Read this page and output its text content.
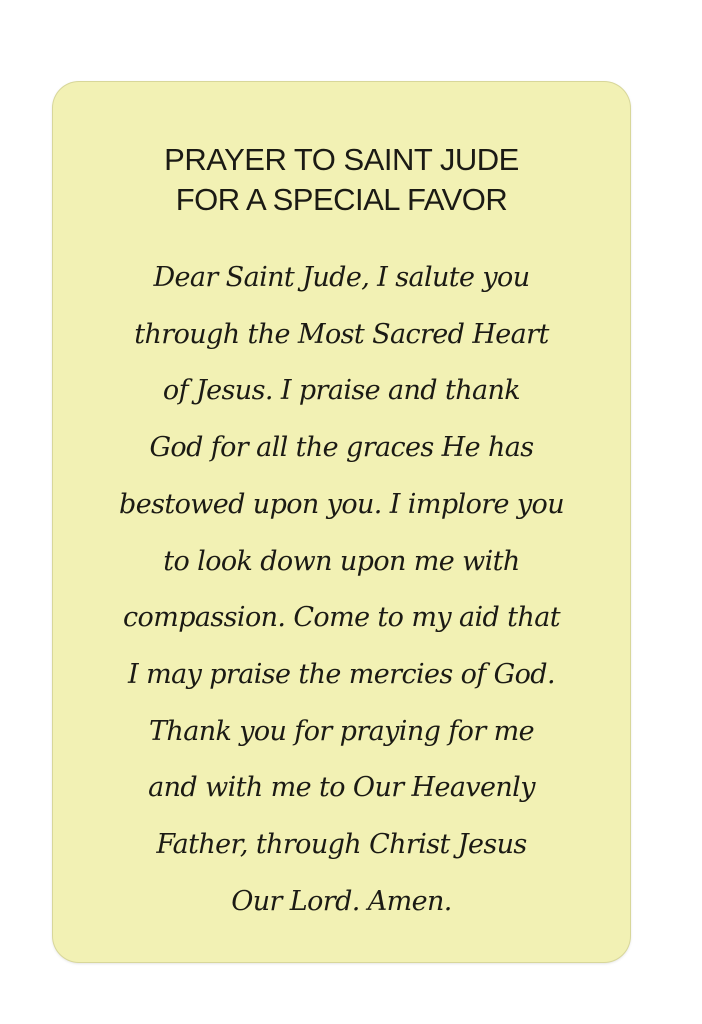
PRAYER TO SAINT JUDE
FOR A SPECIAL FAVOR
Dear Saint Jude, I salute you
through the Most Sacred Heart
of Jesus. I praise and thank
God for all the graces He has
bestowed upon you. I implore you
to look down upon me with
compassion. Come to my aid that
I may praise the mercies of God.
Thank you for praying for me
and with me to Our Heavenly
Father, through Christ Jesus
Our Lord. Amen.
